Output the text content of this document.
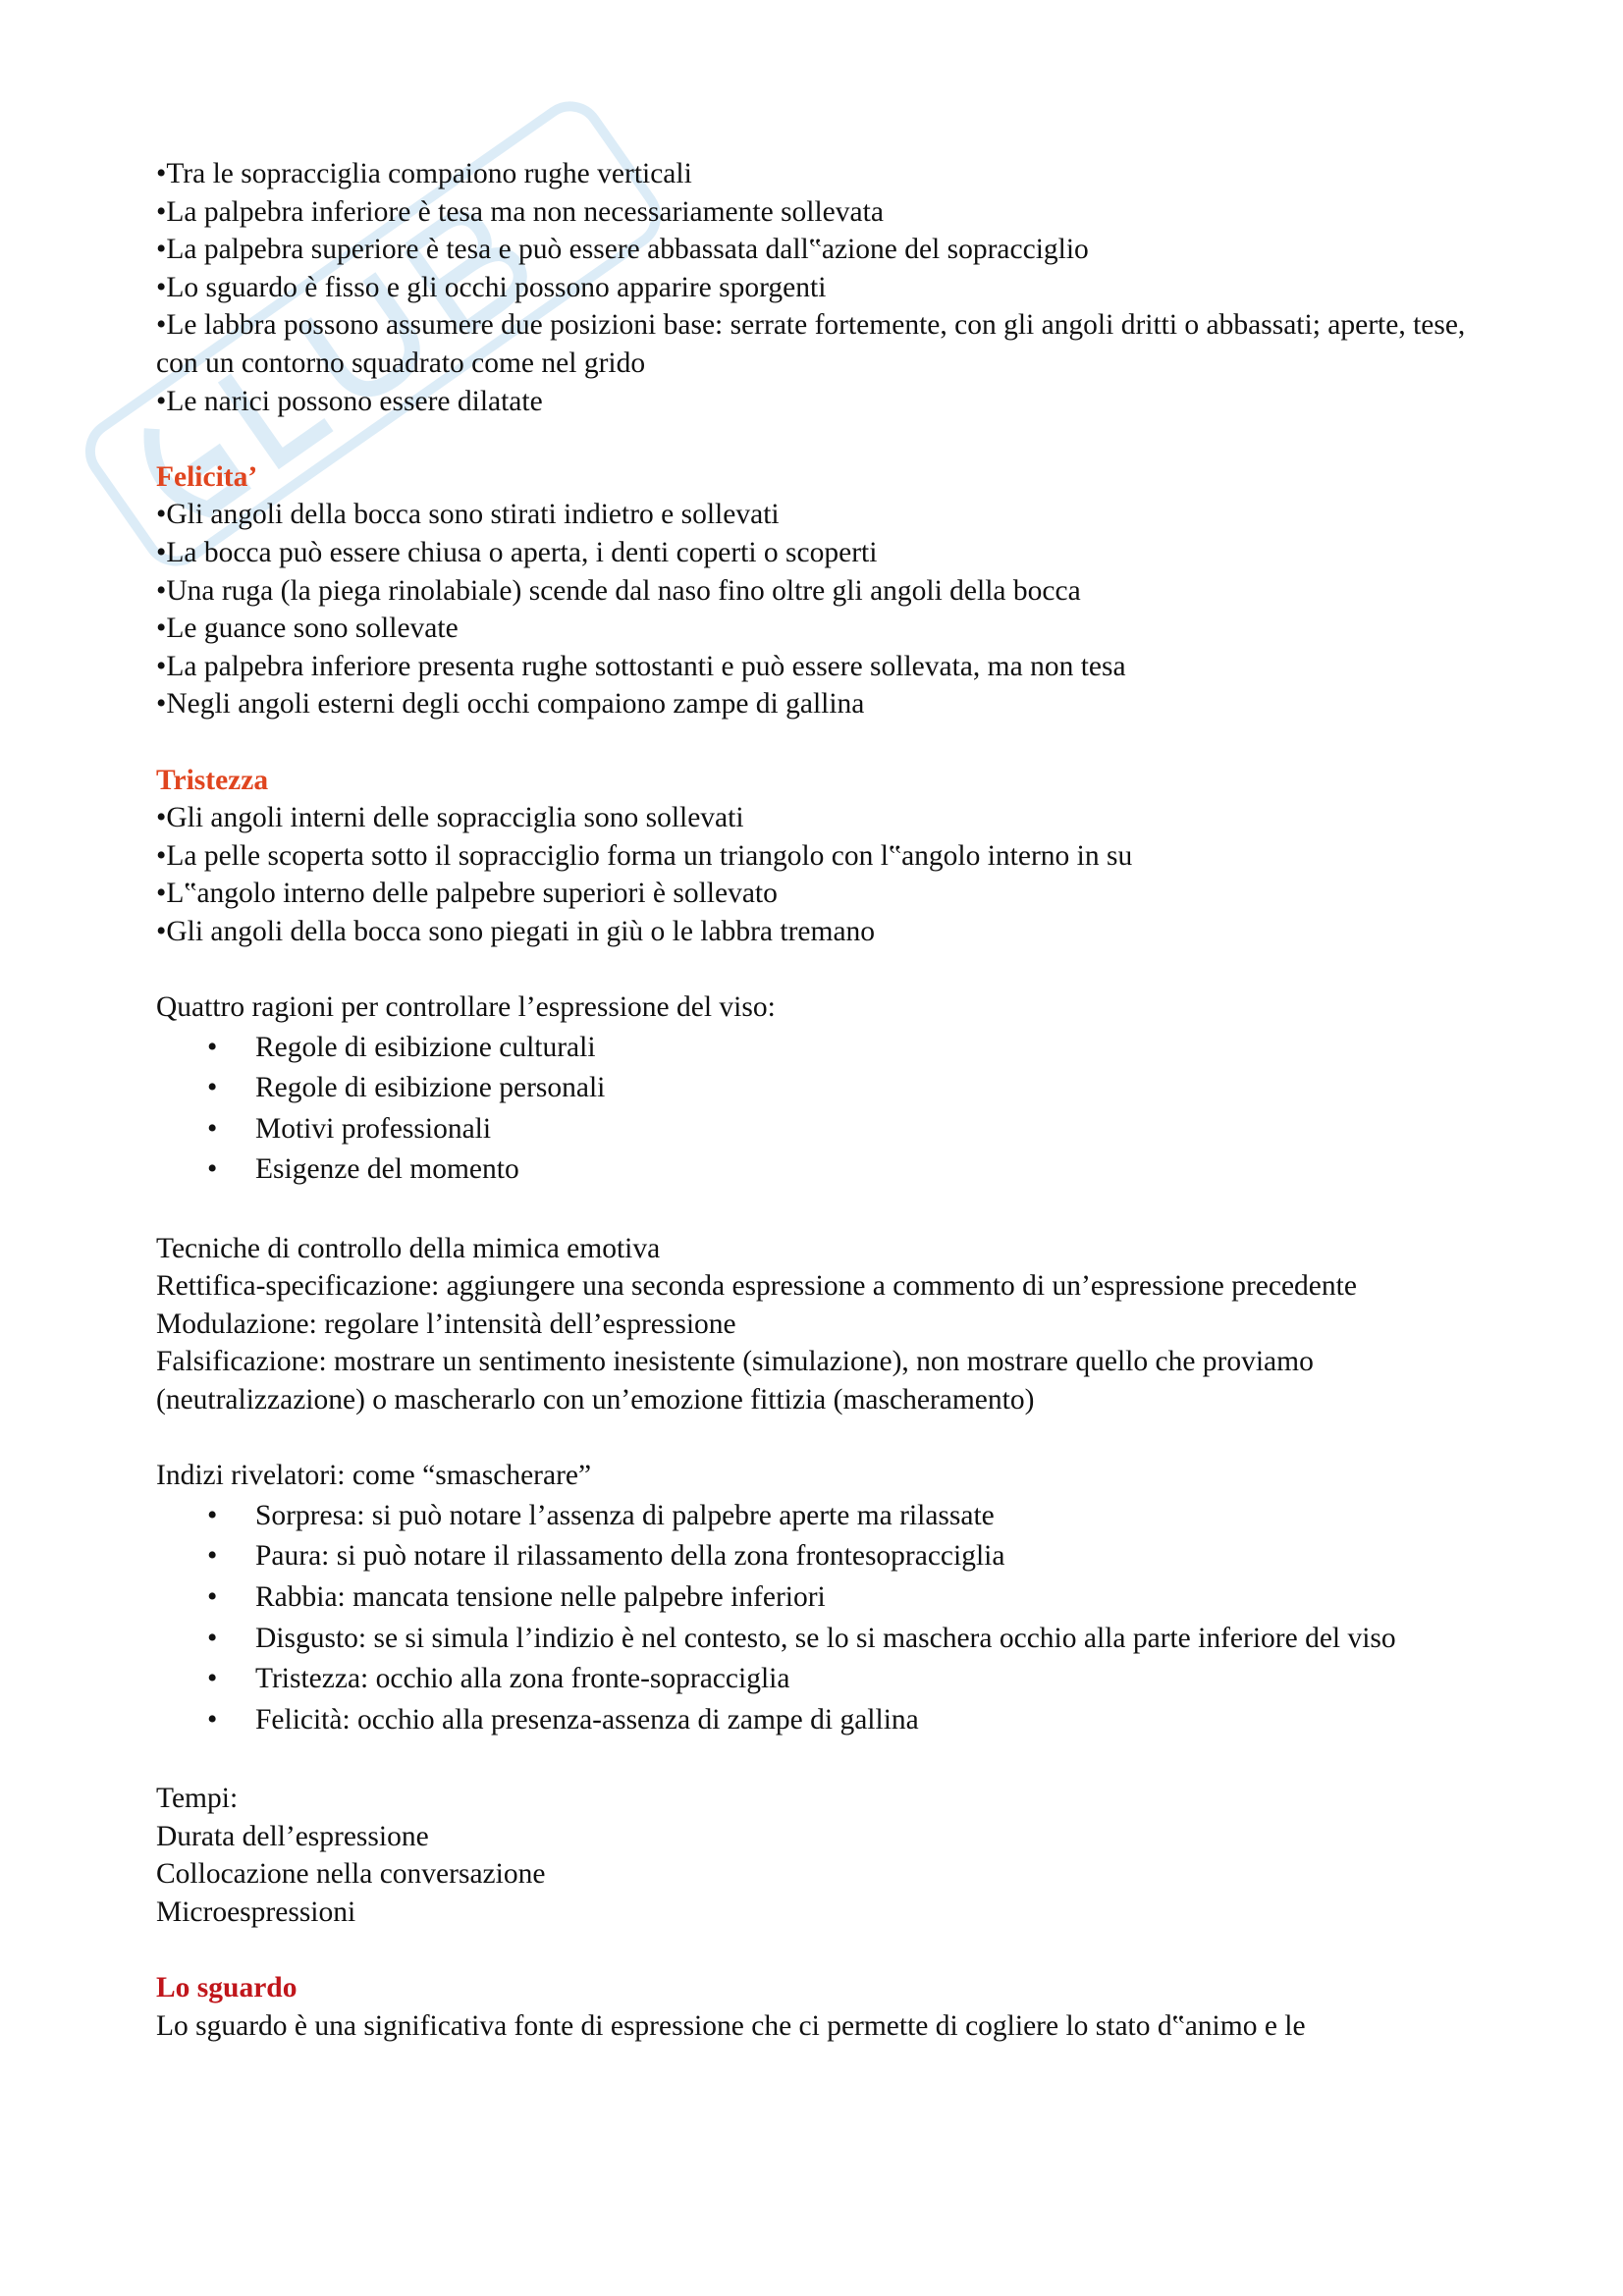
•Tra le sopracciglia compaiono rughe verticali

•La palpebra inferiore è tesa ma non necessariamente sollevata

•La palpebra superiore è tesa e può essere abbassata dall‟azione del sopracciglio

•Lo sguardo è fisso e gli occhi possono apparire sporgenti

•Le labbra possono assumere due posizioni base: serrate fortemente, con gli angoli dritti o abbassati; aperte, tese, con un contorno squadrato come nel grido

•Le narici possono essere dilatate

Felicita’

•Gli angoli della bocca sono stirati indietro e sollevati

•La bocca può essere chiusa o aperta, i denti coperti o scoperti

•Una ruga (la piega rinolabiale) scende dal naso fino oltre gli angoli della bocca

•Le guance sono sollevate

•La palpebra inferiore presenta rughe sottostanti e può essere sollevata, ma non tesa

•Negli angoli esterni degli occhi compaiono zampe di gallina

Tristezza

•Gli angoli interni delle sopracciglia sono sollevati

•La pelle scoperta sotto il sopracciglio forma un triangolo con l‟angolo interno in su

•L‟angolo interno delle palpebre superiori è sollevato

•Gli angoli della bocca sono piegati in giù o le labbra tremano

Quattro ragioni per controllare l’espressione del viso:

• Regole di esibizione culturali
• Regole di esibizione personali
• Motivi professionali
• Esigenze del momento

Tecniche di controllo della mimica emotiva

Rettifica-specificazione: aggiungere una seconda espressione a commento di un’espressione precedente

Modulazione: regolare l’intensità dell’espressione

Falsificazione: mostrare un sentimento inesistente (simulazione), non mostrare quello che proviamo (neutralizzazione) o mascherarlo con un’emozione fittizia (mascheramento)

Indizi rivelatori: come “smascherare”

• Sorpresa: si può notare l’assenza di palpebre aperte ma rilassate
• Paura: si può notare il rilassamento della zona frontesopracciglia
• Rabbia: mancata tensione nelle palpebre inferiori
• Disgusto: se si simula l’indizio è nel contesto, se lo si maschera occhio alla parte inferiore del viso
• Tristezza: occhio alla zona fronte-sopracciglia
• Felicità: occhio alla presenza-assenza di zampe di gallina

Tempi:

Durata dell’espressione

Collocazione nella conversazione

Microespressioni

Lo sguardo

Lo sguardo è una significativa fonte di espressione che ci permette di cogliere lo stato d‟animo e le
